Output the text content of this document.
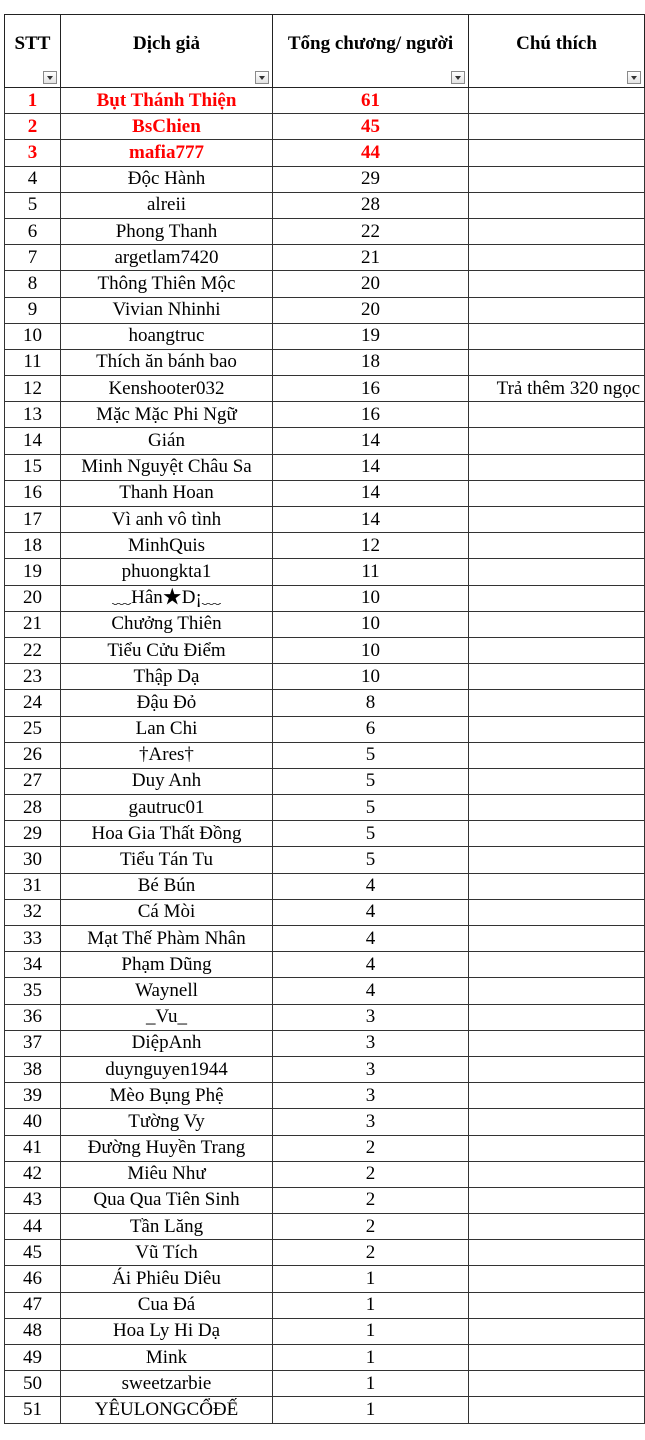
STT	Dịch giả	Tổng chương/ người	Chú thích

1	Bụt Thánh Thiện	61	
2	BsChien	45	
3	mafia777	44	
4	Độc Hành	29	
5	alreii	28	
6	Phong Thanh	22	
7	argetlam7420	21	
8	Thông Thiên Mộc	20	
9	Vivian Nhinhi	20	
10	hoangtruc	19	
11	Thích ăn bánh bao	18	
12	Kenshooter032	16	Trả thêm 320 ngọc
13	Mặc Mặc Phi Ngữ	16	
14	Gián	14	
15	Minh Nguyệt Châu Sa	14	
16	Thanh Hoan	14	
17	Vì anh vô tình	14	
18	MinhQuis	12	
19	phuongkta1	11	
20	﹏Hân★D¡﹏	10	
21	Chưởng Thiên	10	
22	Tiểu Cửu Điểm	10	
23	Thập Dạ	10	
24	Đậu Đỏ	8	
25	Lan Chi	6	
26	†Ares†	5	
27	Duy Anh	5	
28	gautruc01	5	
29	Hoa Gia Thất Đồng	5	
30	Tiểu Tán Tu	5	
31	Bé Bún	4	
32	Cá Mòi	4	
33	Mạt Thế Phàm Nhân	4	
34	Phạm Dũng	4	
35	Waynell	4	
36	_Vu_	3	
37	DiệpAnh	3	
38	duynguyen1944	3	
39	Mèo Bụng Phệ	3	
40	Tường Vy	3	
41	Đường Huyền Trang	2	
42	Miêu Như	2	
43	Qua Qua Tiên Sinh	2	
44	Tần Lăng	2	
45	Vũ Tích	2	
46	Ái Phiêu Diêu	1	
47	Cua Đá	1	
48	Hoa Ly Hi Dạ	1	
49	Mink	1	
50	sweetzarbie	1	
51	YÊULONGCỔĐẾ	1	
